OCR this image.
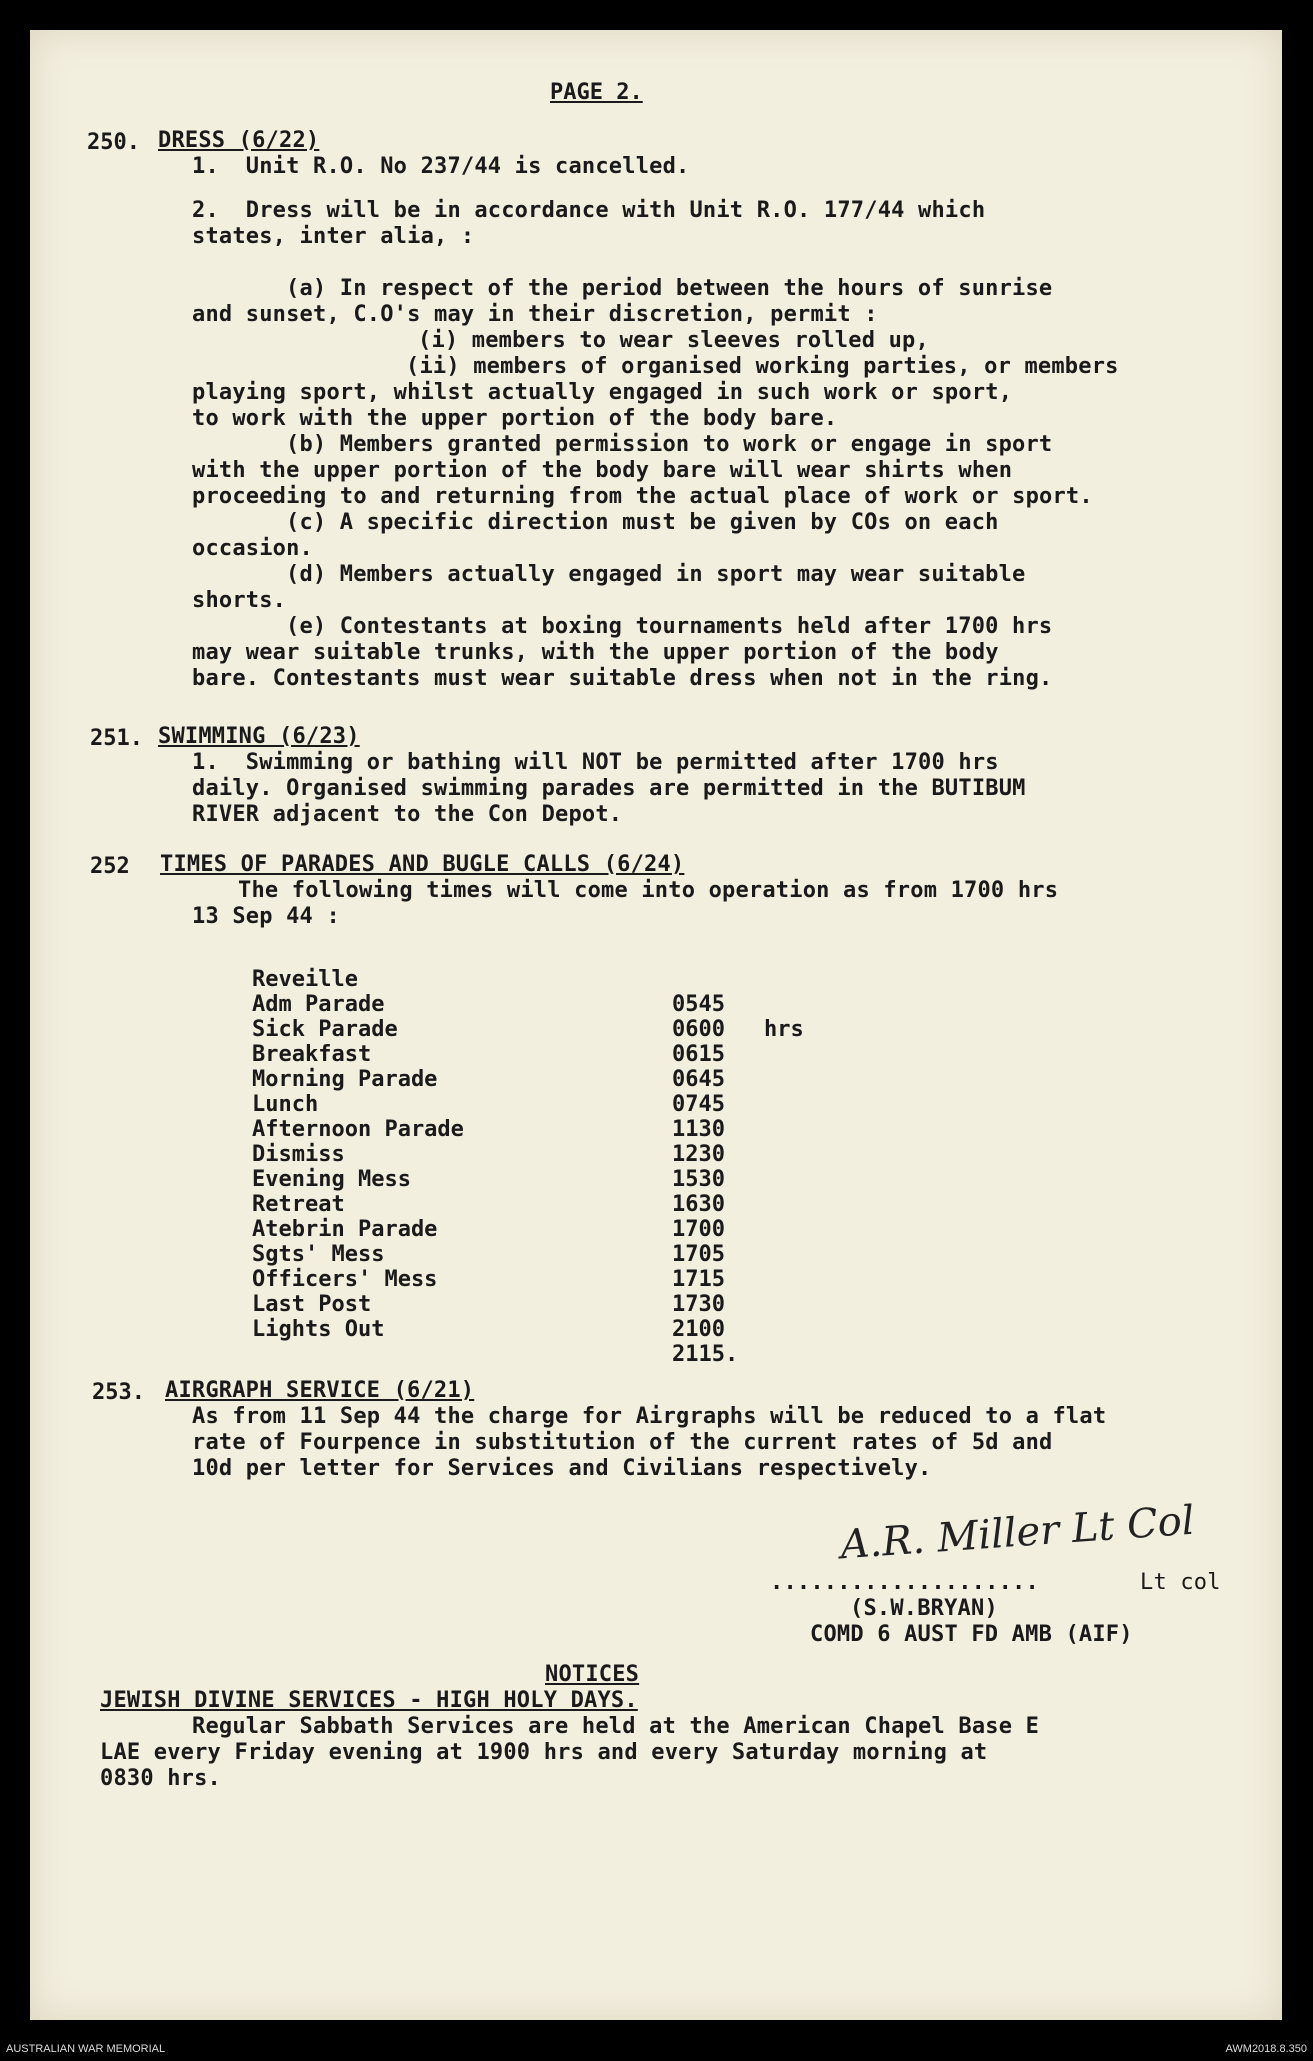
PAGE 2.
250. DRESS (6/22)
1.  Unit R.O. No 237/44 is cancelled.
2.  Dress will be in accordance with Unit R.O. 177/44 which
states, inter alia, :
(a) In respect of the period between the hours of sunrise
and sunset, C.O's may in their discretion, permit :
(i) members to wear sleeves rolled up,
(ii) members of organised working parties, or members
playing sport, whilst actually engaged in such work or sport,
to work with the upper portion of the body bare.
(b) Members granted permission to work or engage in sport
with the upper portion of the body bare will wear shirts when
proceeding to and returning from the actual place of work or sport.
(c) A specific direction must be given by COs on each
occasion.
(d) Members actually engaged in sport may wear suitable
shorts.
(e) Contestants at boxing tournaments held after 1700 hrs
may wear suitable trunks, with the upper portion of the body
bare. Contestants must wear suitable dress when not in the ring.
251. SWIMMING (6/23)
1.  Swimming or bathing will NOT be permitted after 1700 hrs
daily. Organised swimming parades are permitted in the BUTIBUM
RIVER adjacent to the Con Depot.
252 TIMES OF PARADES AND BUGLE CALLS (6/24)
The following times will come into operation as from 1700 hrs
13 Sep 44 :

Reveille

0545

hrs

Adm Parade

0600

Sick Parade

0615

Breakfast

0645

Morning Parade

0745

Lunch

1130

Afternoon Parade

1230

Dismiss

1530

Evening Mess

1630

Retreat

1700

Atebrin Parade

1705

Sgts' Mess

1715

Officers' Mess

1730

Last Post

2100

Lights Out

2115.

253. AIRGRAPH SERVICE (6/21)
As from 11 Sep 44 the charge for Airgraphs will be reduced to a flat
rate of Fourpence in substitution of the current rates of 5d and
10d per letter for Services and Civilians respectively.
A.R. Miller Lt Col
....................	Lt col
(S.W.BRYAN)
COMD 6 AUST FD AMB (AIF)
NOTICES
JEWISH DIVINE SERVICES - HIGH HOLY DAYS.
Regular Sabbath Services are held at the American Chapel Base E
LAE every Friday evening at 1900 hrs and every Saturday morning at
0830 hrs.
AUSTRALIAN WAR MEMORIAL	AWM2018.8.350
